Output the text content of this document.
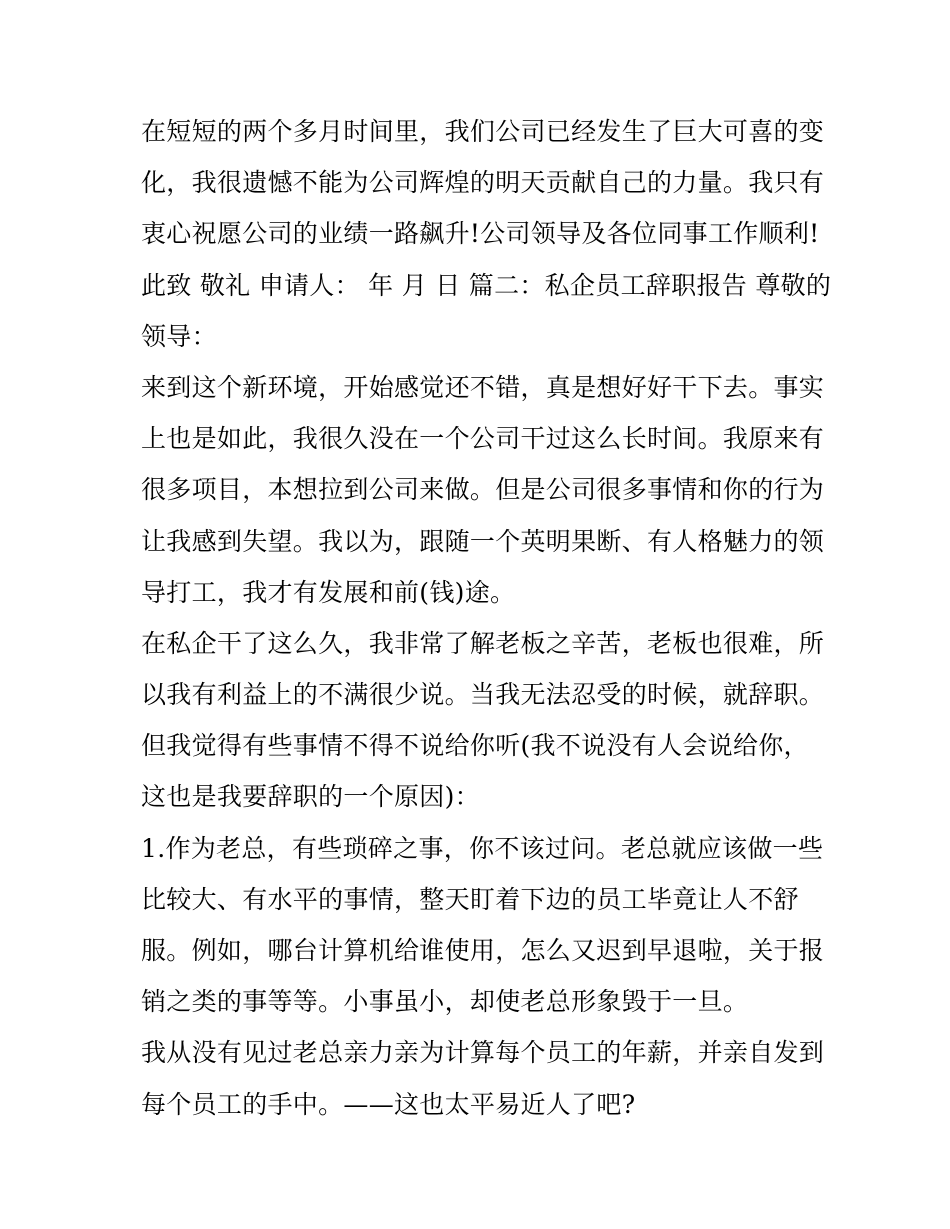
在短短的两个多月时间里，我们公司已经发生了巨大可喜的变
化，我很遗憾不能为公司辉煌的明天贡献自己的力量。我只有
衷心祝愿公司的业绩一路飙升!公司领导及各位同事工作顺利!
此致 敬礼 申请人： 年 月 日 篇二：私企员工辞职报告 尊敬的
领导：
来到这个新环境，开始感觉还不错，真是想好好干下去。事实
上也是如此，我很久没在一个公司干过这么长时间。我原来有
很多项目，本想拉到公司来做。但是公司很多事情和你的行为
让我感到失望。我以为，跟随一个英明果断、有人格魅力的领
导打工，我才有发展和前(钱)途。
在私企干了这么久，我非常了解老板之辛苦，老板也很难，所
以我有利益上的不满很少说。当我无法忍受的时候，就辞职。
但我觉得有些事情不得不说给你听(我不说没有人会说给你，
这也是我要辞职的一个原因)：
1.作为老总，有些琐碎之事，你不该过问。老总就应该做一些
比较大、有水平的事情，整天盯着下边的员工毕竟让人不舒
服。例如，哪台计算机给谁使用，怎么又迟到早退啦，关于报
销之类的事等等。小事虽小，却使老总形象毁于一旦。
我从没有见过老总亲力亲为计算每个员工的年薪，并亲自发到
每个员工的手中。——这也太平易近人了吧?
